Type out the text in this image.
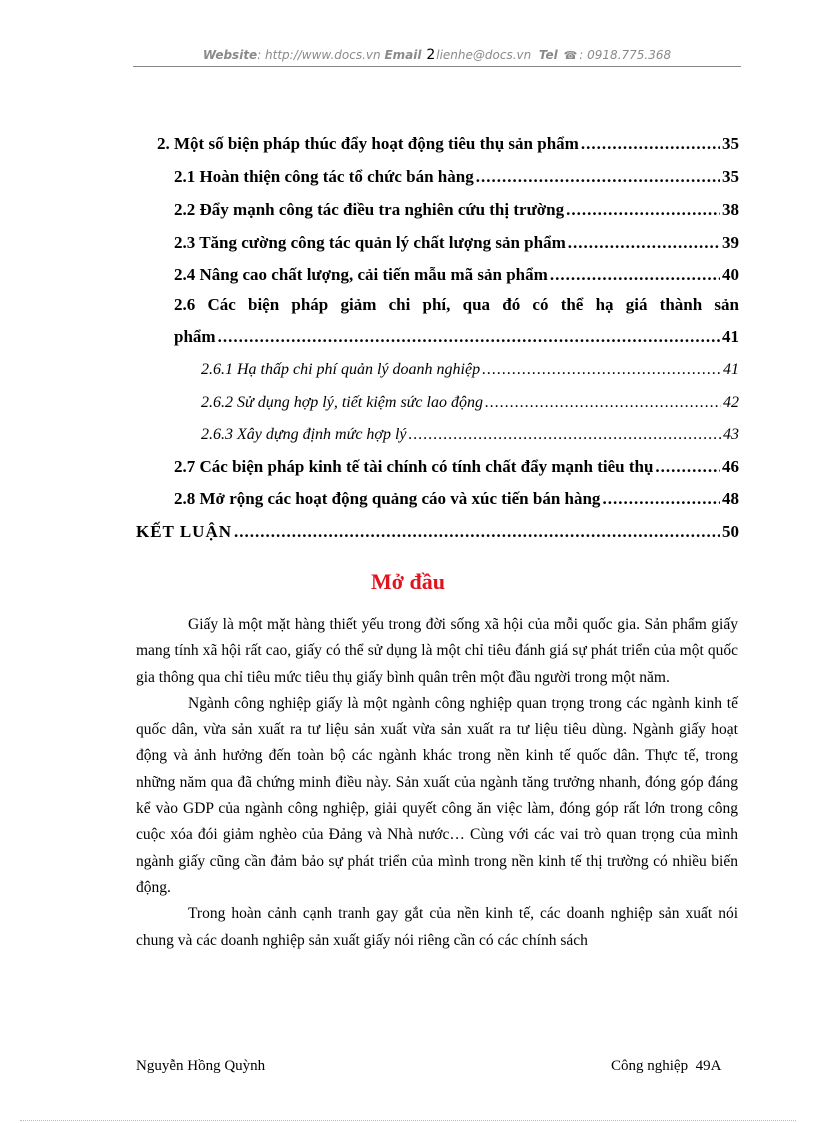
Website: http://www.docs.vn Email 2lienhe@docs.vn Tel ☎ : 0918.775.368
2. Một số biện pháp thúc đẩy hoạt động tiêu thụ sản phẩm .....	35
2.1 Hoàn thiện công tác tổ chức bán hàng .....	35
2.2 Đẩy mạnh công tác điều tra nghiên cứu thị trường .....	38
2.3 Tăng cường công tác quản lý chất lượng sản phẩm .....	39
2.4 Nâng cao chất lượng, cải tiến mẫu mã sản phẩm .....	40
2.6 Các biện pháp giảm chi phí, qua đó có thể hạ giá thành sản
phẩm .....	41
2.6.1 Hạ thấp chi phí quản lý doanh nghiệp .....	41
2.6.2 Sử dụng hợp lý, tiết kiệm sức lao động .....	42
2.6.3 Xây dựng định mức hợp lý .....	43
2.7 Các biện pháp kinh tế tài chính có tính chất đẩy mạnh tiêu thụ .....	46
2.8 Mở rộng các hoạt động quảng cáo và xúc tiến bán hàng .....	48
KẾT LUẬN .....	50
Mở đầu

Giấy là một mặt hàng thiết yếu trong đời sống xã hội của mỗi quốc gia. Sản phẩm giấy mang tính xã hội rất cao, giấy có thể sử dụng là một chỉ tiêu đánh giá sự phát triển của một quốc gia thông qua chỉ tiêu mức tiêu thụ giấy bình quân trên một đầu người trong một năm.

Ngành công nghiệp giấy là một ngành công nghiệp quan trọng trong các ngành kinh tế quốc dân, vừa sản xuất ra tư liệu sản xuất vừa sản xuất ra tư liệu tiêu dùng. Ngành giấy hoạt động và ảnh hưởng đến toàn bộ các ngành khác trong nền kinh tế quốc dân. Thực tế, trong những năm qua đã chứng minh điều này. Sản xuất của ngành tăng trưởng nhanh, đóng góp đáng kể vào GDP của ngành công nghiệp, giải quyết công ăn việc làm, đóng góp rất lớn trong công cuộc xóa đói giảm nghèo của Đảng và Nhà nước… Cùng với các vai trò quan trọng của mình ngành giấy cũng cần đảm bảo sự phát triển của mình trong nền kinh tế thị trường có nhiều biến động.

Trong hoàn cảnh cạnh tranh gay gắt của nền kinh tế, các doanh nghiệp sản xuất nói chung và các doanh nghiệp sản xuất giấy nói riêng cần có các chính sách

Nguyễn Hồng Quỳnh	Công nghiệp  49A
